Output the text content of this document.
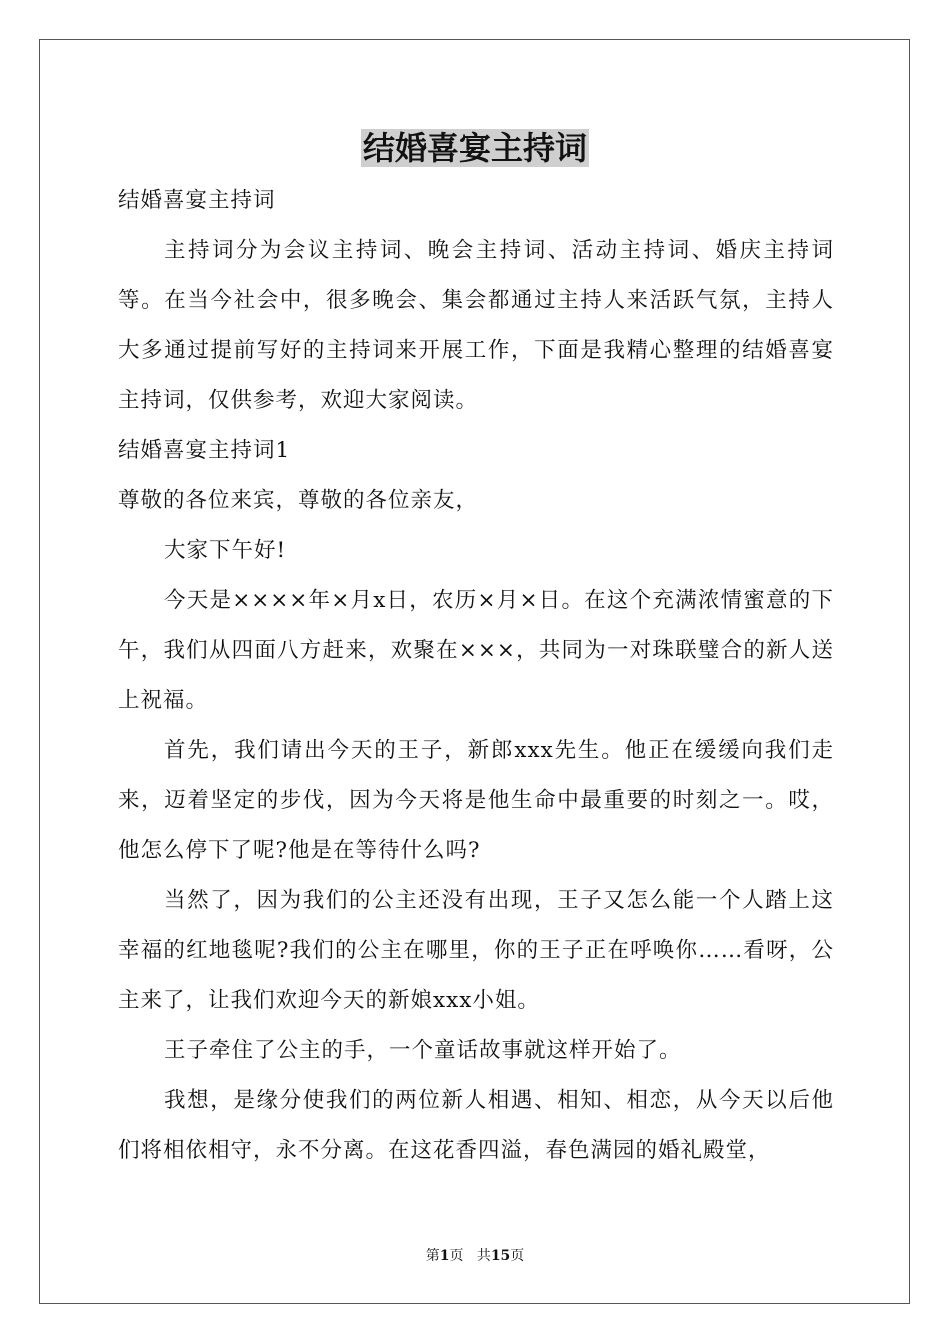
结婚喜宴主持词

结婚喜宴主持词

主持词分为会议主持词、晚会主持词、活动主持词、婚庆主持词等。在当今社会中，很多晚会、集会都通过主持人来活跃气氛，主持人大多通过提前写好的主持词来开展工作，下面是我精心整理的结婚喜宴主持词，仅供参考，欢迎大家阅读。

结婚喜宴主持词1

尊敬的各位来宾，尊敬的各位亲友，

大家下午好!

今天是××××年×月x日，农历×月×日。在这个充满浓情蜜意的下午，我们从四面八方赶来，欢聚在×××，共同为一对珠联璧合的新人送上祝福。

首先，我们请出今天的王子，新郎xxx先生。他正在缓缓向我们走来，迈着坚定的步伐，因为今天将是他生命中最重要的时刻之一。哎，他怎么停下了呢?他是在等待什么吗?

当然了，因为我们的公主还没有出现，王子又怎么能一个人踏上这幸福的红地毯呢?我们的公主在哪里，你的王子正在呼唤你……看呀，公主来了，让我们欢迎今天的新娘xxx小姐。

王子牵住了公主的手，一个童话故事就这样开始了。

我想，是缘分使我们的两位新人相遇、相知、相恋，从今天以后他们将相依相守，永不分离。在这花香四溢，春色满园的婚礼殿堂，

第1页 共15页
